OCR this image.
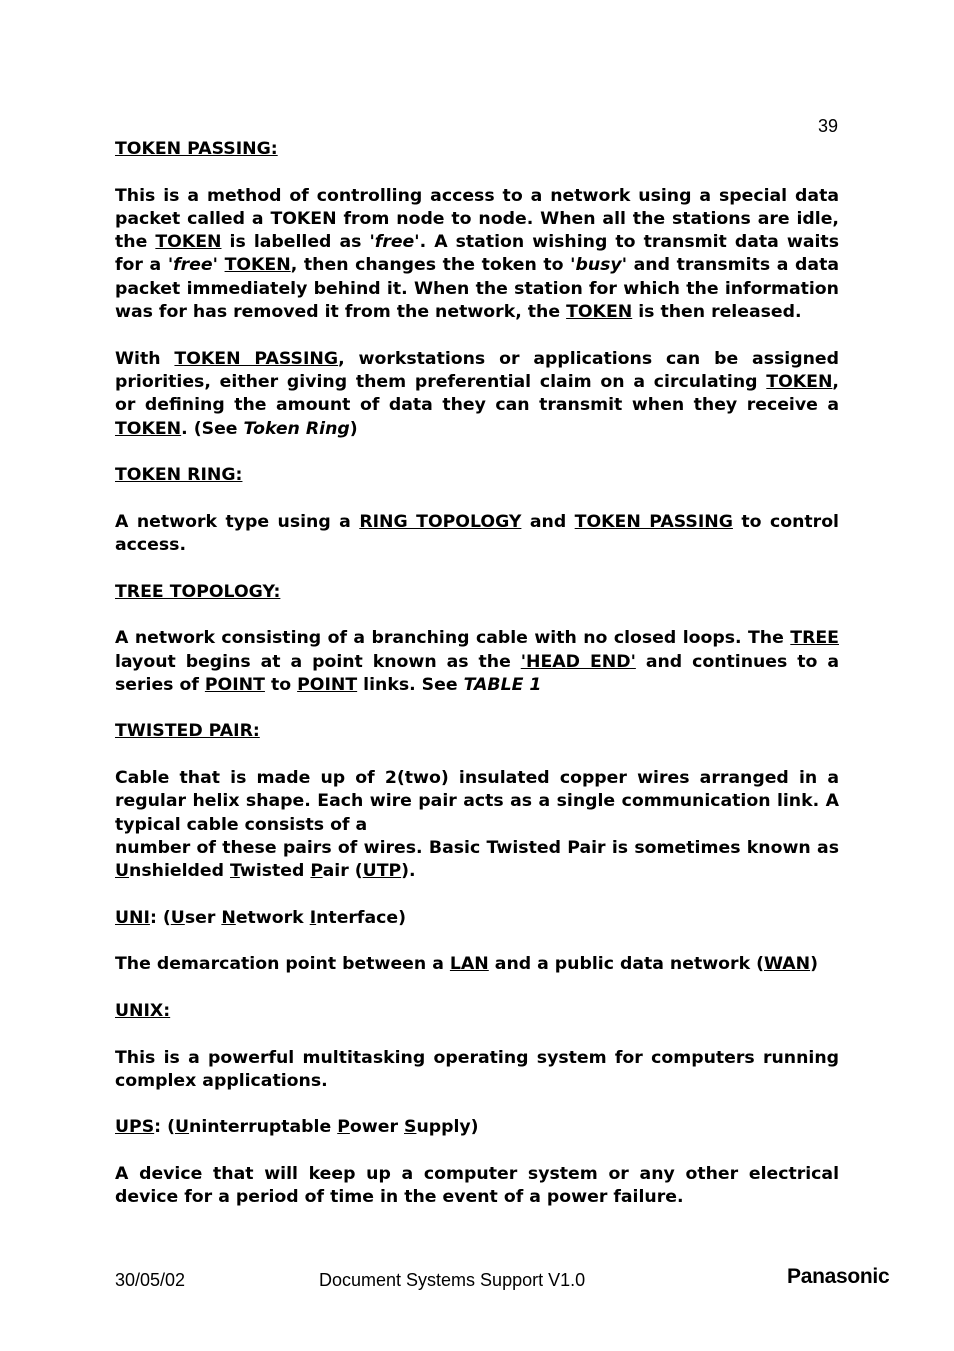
39

TOKEN PASSING:

This is a method of controlling access to a network using a special data packet called a TOKEN from node to node. When all the stations are idle, the TOKEN is labelled as 'free'. A station wishing to transmit data waits for a 'free' TOKEN, then changes the token to 'busy' and transmits a data packet immediately behind it. When the station for which the information was for has removed it from the network, the TOKEN is then released.

With TOKEN PASSING, workstations or applications can be assigned priorities, either giving them preferential claim on a circulating TOKEN, or defining the amount of data they can transmit when they receive a TOKEN. (See Token Ring)

TOKEN RING:

A network type using a RING TOPOLOGY and TOKEN PASSING to control access.

TREE TOPOLOGY:

A network consisting of a branching cable with no closed loops. The TREE layout begins at a point known as the 'HEAD END' and continues to a series of POINT to POINT links. See TABLE 1

TWISTED PAIR:

Cable that is made up of 2(two) insulated copper wires arranged in a regular helix shape. Each wire pair acts as a single communication link. A typical cable consists of a
number of these pairs of wires. Basic Twisted Pair is sometimes known as Unshielded Twisted Pair (UTP).

UNI: (User Network Interface)

The demarcation point between a LAN and a public data network (WAN)

UNIX:

This is a powerful multitasking operating system for computers running complex applications.

UPS: (Uninterruptable Power Supply)

A device that will keep up a computer system or any other electrical device for a period of time in the event of a power failure.

30/05/02	Document Systems Support V1.0	Panasonic
